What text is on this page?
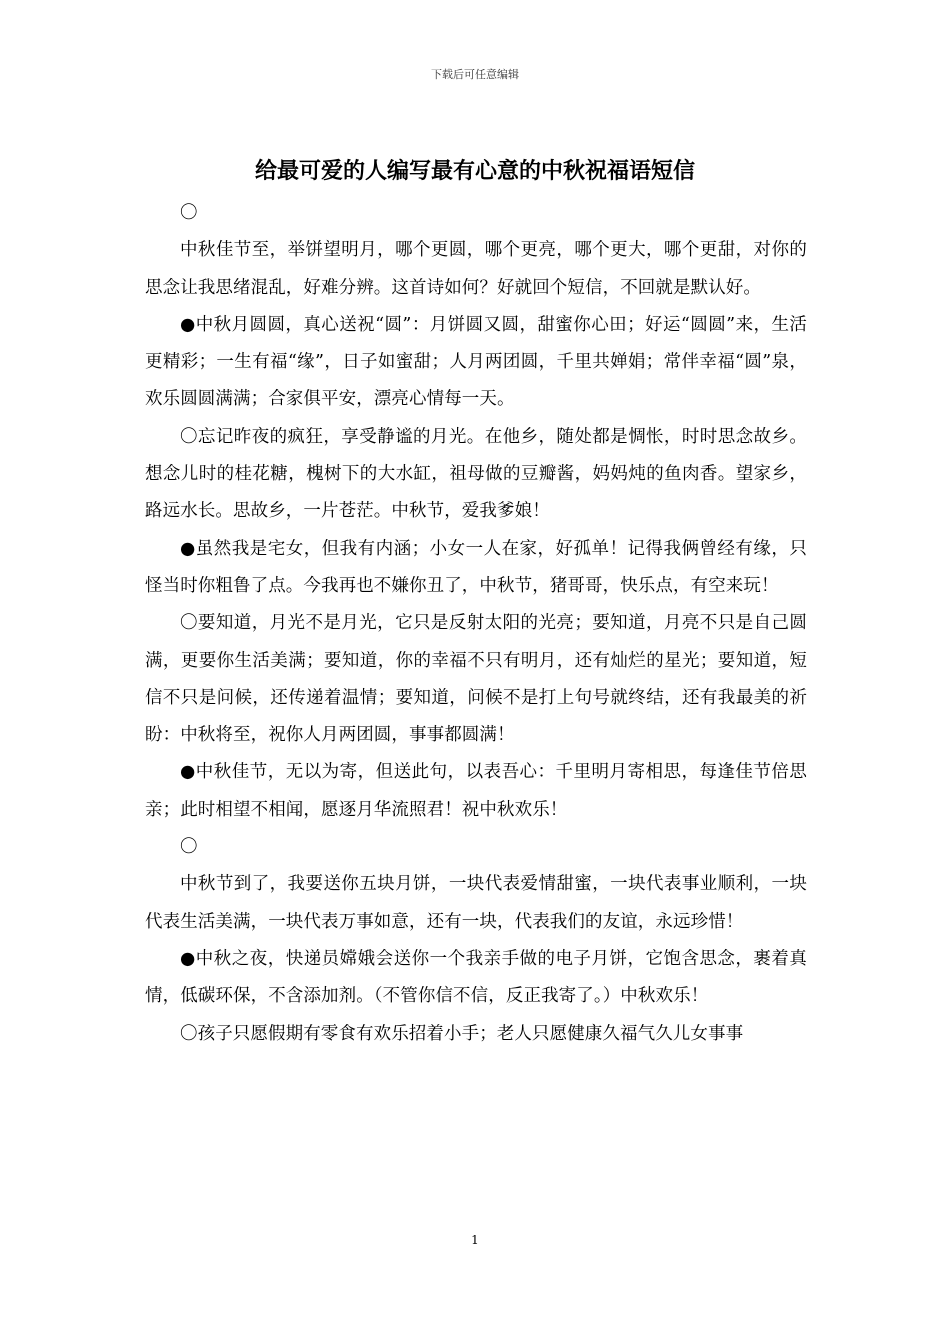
下载后可任意编辑
给最可爱的人编写最有心意的中秋祝福语短信

〇

中秋佳节至，举饼望明月，哪个更圆，哪个更亮，哪个更大，哪个更甜，对你的思念让我思绪混乱，好难分辨。这首诗如何？好就回个短信，不回就是默认好。

●中秋月圆圆，真心送祝“圆”：月饼圆又圆，甜蜜你心田；好运“圆圆”来，生活更精彩；一生有福“缘”，日子如蜜甜；人月两团圆，千里共婵娟；常伴幸福“圆”泉，欢乐圆圆满满；合家俱平安，漂亮心情每一天。

〇忘记昨夜的疯狂，享受静谧的月光。在他乡，随处都是惆怅，时时思念故乡。想念儿时的桂花糖，槐树下的大水缸，祖母做的豆瓣酱，妈妈炖的鱼肉香。望家乡，路远水长。思故乡，一片苍茫。中秋节，爱我爹娘！

●虽然我是宅女，但我有内涵；小女一人在家，好孤单！记得我俩曾经有缘，只怪当时你粗鲁了点。今我再也不嫌你丑了，中秋节，猪哥哥，快乐点，有空来玩！

〇要知道，月光不是月光，它只是反射太阳的光亮；要知道，月亮不只是自己圆满，更要你生活美满；要知道，你的幸福不只有明月，还有灿烂的星光；要知道，短信不只是问候，还传递着温情；要知道，问候不是打上句号就终结，还有我最美的祈盼：中秋将至，祝你人月两团圆，事事都圆满！

●中秋佳节，无以为寄，但送此句，以表吾心：千里明月寄相思，每逢佳节倍思亲；此时相望不相闻，愿逐月华流照君！祝中秋欢乐！

〇

中秋节到了，我要送你五块月饼，一块代表爱情甜蜜，一块代表事业顺利，一块代表生活美满，一块代表万事如意，还有一块，代表我们的友谊，永远珍惜！

●中秋之夜，快递员嫦娥会送你一个我亲手做的电子月饼，它饱含思念，裹着真情，低碳环保，不含添加剂。（不管你信不信，反正我寄了。）中秋欢乐！

〇孩子只愿假期有零食有欢乐招着小手；老人只愿健康久福气久儿女事事

1
